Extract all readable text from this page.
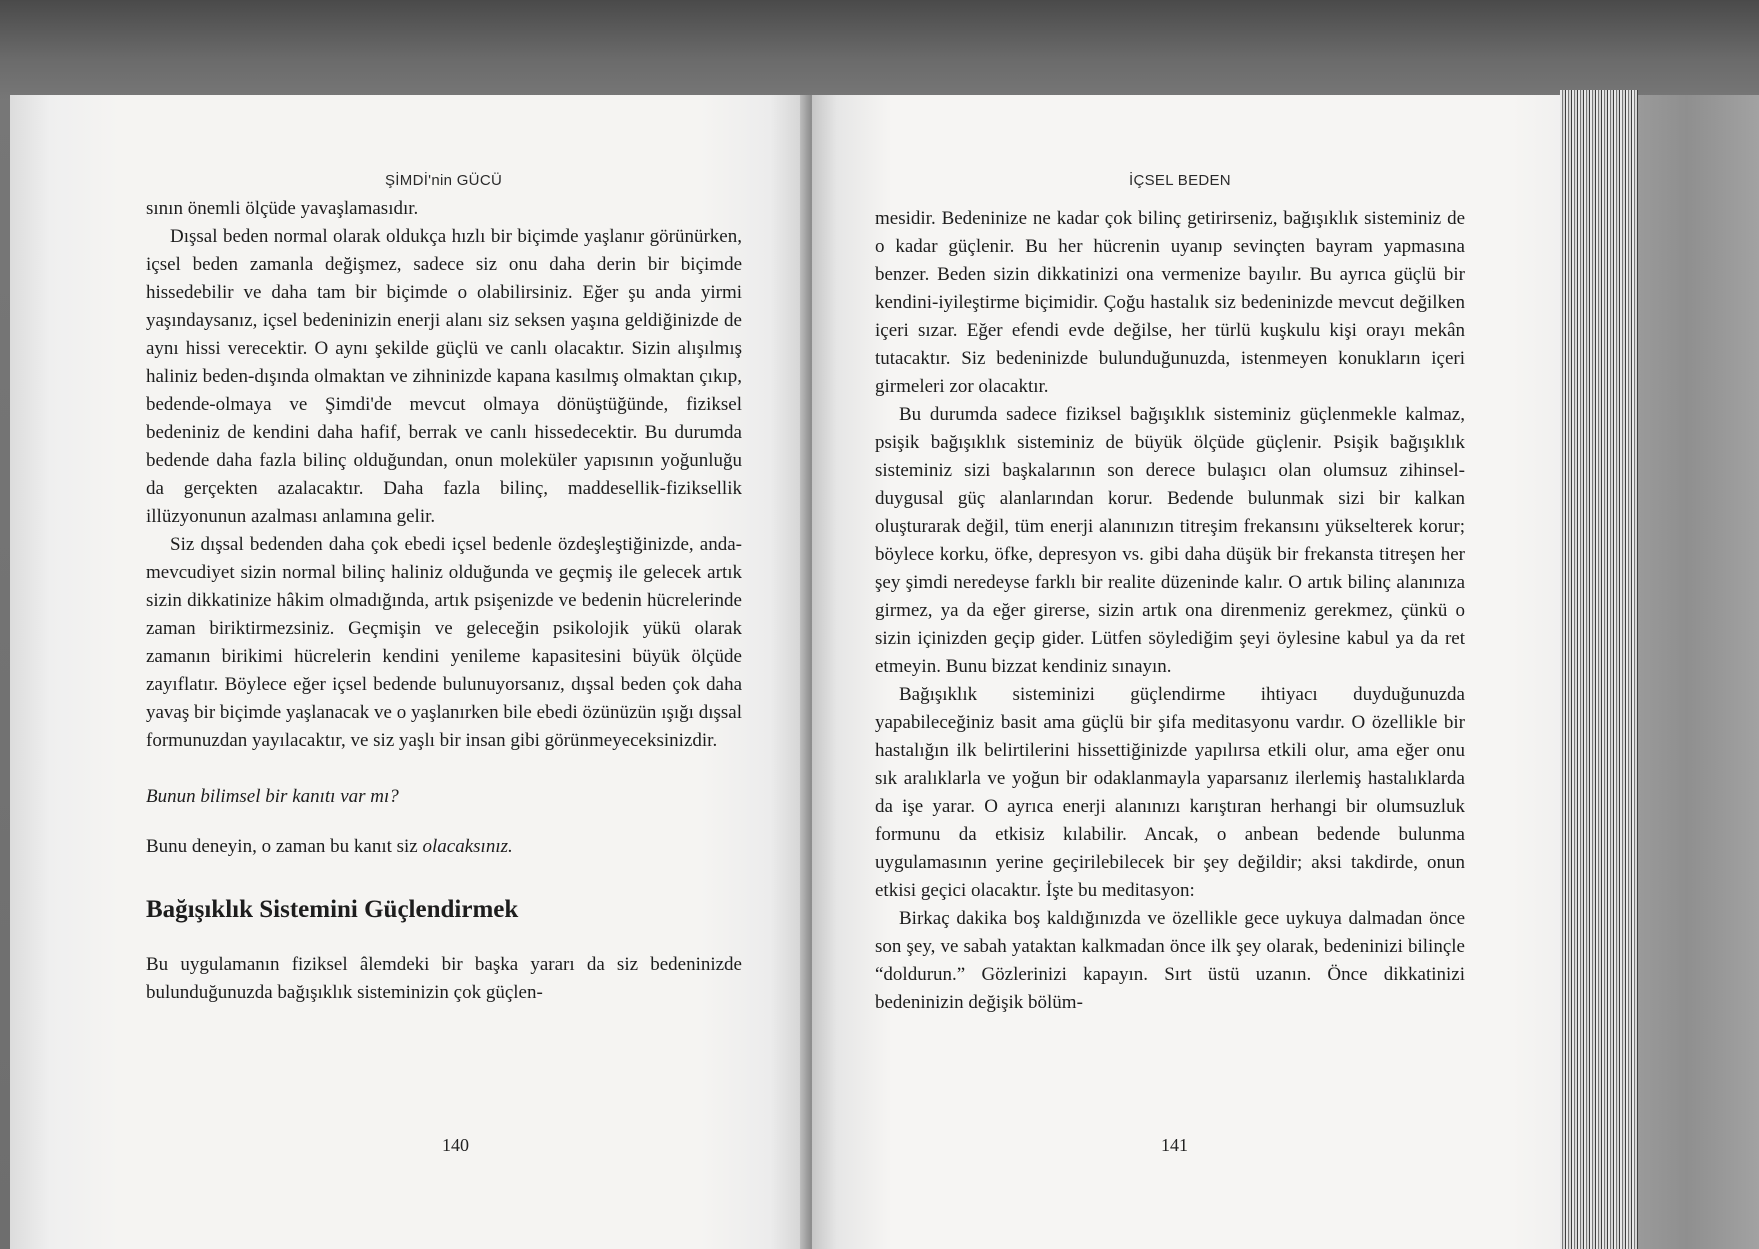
ŞİMDİ'nin GÜCÜ

sının önemli ölçüde yavaşlamasıdır.

Dışsal beden normal olarak oldukça hızlı bir biçimde yaşlanır görünürken, içsel beden zamanla değişmez, sadece siz onu daha derin bir biçimde hissedebilir ve daha tam bir biçimde o olabilirsiniz. Eğer şu anda yirmi yaşındaysanız, içsel bedeninizin enerji alanı siz seksen yaşına geldiğinizde de aynı hissi verecektir. O aynı şekilde güçlü ve canlı olacaktır. Sizin alışılmış haliniz beden-dışında olmaktan ve zihninizde kapana kasılmış olmaktan çıkıp, bedende-olmaya ve Şimdi'de mevcut olmaya dönüştüğünde, fiziksel bedeniniz de kendini daha hafif, berrak ve canlı hissedecektir. Bu durumda bedende daha fazla bilinç olduğundan, onun moleküler yapısının yoğunluğu da gerçekten azalacaktır. Daha fazla bilinç, maddesellik-fiziksellik illüzyonunun azalması anlamına gelir.

Siz dışsal bedenden daha çok ebedi içsel bedenle özdeşleştiğinizde, anda-mevcudiyet sizin normal bilinç haliniz olduğunda ve geçmiş ile gelecek artık sizin dikkatinize hâkim olmadığında, artık psişenizde ve bedenin hücrelerinde zaman biriktirmezsiniz. Geçmişin ve geleceğin psikolojik yükü olarak zamanın birikimi hücrelerin kendini yenileme kapasitesini büyük ölçüde zayıflatır. Böylece eğer içsel bedende bulunuyorsanız, dışsal beden çok daha yavaş bir biçimde yaşlanacak ve o yaşlanırken bile ebedi özünüzün ışığı dışsal formunuzdan yayılacaktır, ve siz yaşlı bir insan gibi görünmeyeceksinizdir.

Bunun bilimsel bir kanıtı var mı?

Bunu deneyin, o zaman bu kanıt siz olacaksınız.

Bağışıklık Sistemini Güçlendirmek

Bu uygulamanın fiziksel âlemdeki bir başka yararı da siz bedeninizde bulunduğunuzda bağışıklık sisteminizin çok güçlen-

140
İÇSEL BEDEN

mesidir. Bedeninize ne kadar çok bilinç getirirseniz, bağışıklık sisteminiz de o kadar güçlenir. Bu her hücrenin uyanıp sevinçten bayram yapmasına benzer. Beden sizin dikkatinizi ona vermenize bayılır. Bu ayrıca güçlü bir kendini-iyileştirme biçimidir. Çoğu hastalık siz bedeninizde mevcut değilken içeri sızar. Eğer efendi evde değilse, her türlü kuşkulu kişi orayı mekân tutacaktır. Siz bedeninizde bulunduğunuzda, istenmeyen konukların içeri girmeleri zor olacaktır.

Bu durumda sadece fiziksel bağışıklık sisteminiz güçlenmekle kalmaz, psişik bağışıklık sisteminiz de büyük ölçüde güçlenir. Psişik bağışıklık sisteminiz sizi başkalarının son derece bulaşıcı olan olumsuz zihinsel-duygusal güç alanlarından korur. Bedende bulunmak sizi bir kalkan oluşturarak değil, tüm enerji alanınızın titreşim frekansını yükselterek korur; böylece korku, öfke, depresyon vs. gibi daha düşük bir frekansta titreşen her şey şimdi neredeyse farklı bir realite düzeninde kalır. O artık bilinç alanınıza girmez, ya da eğer girerse, sizin artık ona direnmeniz gerekmez, çünkü o sizin içinizden geçip gider. Lütfen söylediğim şeyi öylesine kabul ya da ret etmeyin. Bunu bizzat kendiniz sınayın.

Bağışıklık sisteminizi güçlendirme ihtiyacı duyduğunuzda yapabileceğiniz basit ama güçlü bir şifa meditasyonu vardır. O özellikle bir hastalığın ilk belirtilerini hissettiğinizde yapılırsa etkili olur, ama eğer onu sık aralıklarla ve yoğun bir odaklanmayla yaparsanız ilerlemiş hastalıklarda da işe yarar. O ayrıca enerji alanınızı karıştıran herhangi bir olumsuzluk formunu da etkisiz kılabilir. Ancak, o anbean bedende bulunma uygulamasının yerine geçirilebilecek bir şey değildir; aksi takdirde, onun etkisi geçici olacaktır. İşte bu meditasyon:

Birkaç dakika boş kaldığınızda ve özellikle gece uykuya dalmadan önce son şey, ve sabah yataktan kalkmadan önce ilk şey olarak, bedeninizi bilinçle “doldurun.” Gözlerinizi kapayın. Sırt üstü uzanın. Önce dikkatinizi bedeninizin değişik bölüm-

141
